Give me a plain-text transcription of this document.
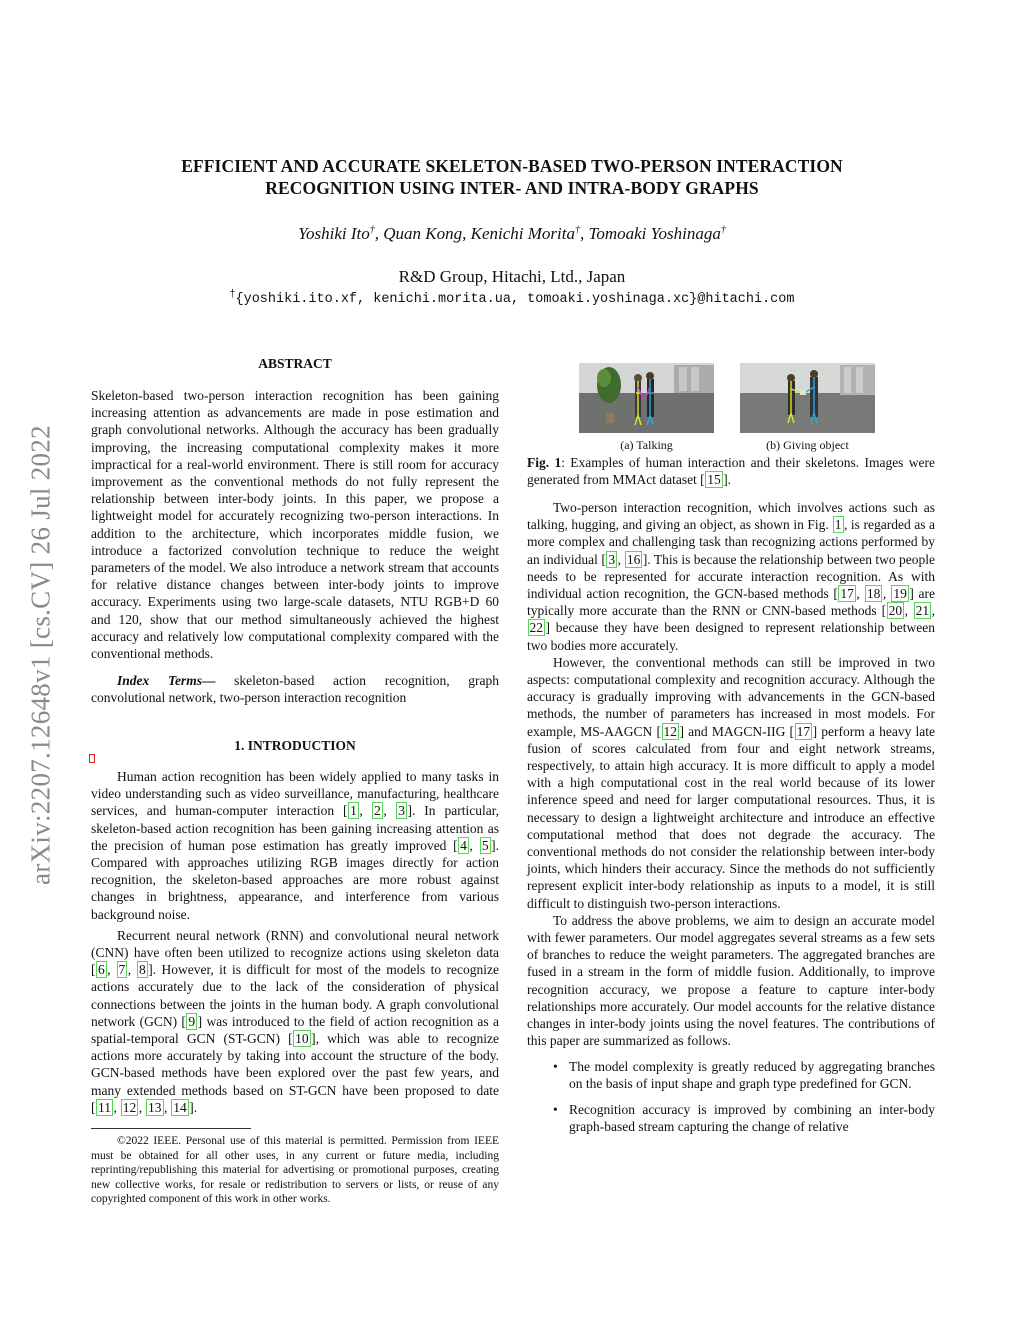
EFFICIENT AND ACCURATE SKELETON-BASED TWO-PERSON INTERACTION
RECOGNITION USING INTER- AND INTRA-BODY GRAPHS
Yoshiki Ito†, Quan Kong, Kenichi Morita†, Tomoaki Yoshinaga†
R&D Group, Hitachi, Ltd., Japan
†{yoshiki.ito.xf, kenichi.morita.ua, tomoaki.yoshinaga.xc}@hitachi.com
arXiv:2207.12648v1 [cs.CV] 26 Jul 2022
ABSTRACT

Skeleton-based two-person interaction recognition has been gaining increasing attention as advancements are made in pose estimation and graph convolutional networks. Although the accuracy has been gradually improving, the increasing computational complexity makes it more impractical for a real-world environment. There is still room for accuracy improvement as the conventional methods do not fully represent the relationship between inter-body joints. In this paper, we propose a lightweight model for accurately recognizing two-person interactions. In addition to the architecture, which incorporates middle fusion, we introduce a factorized convolution technique to reduce the weight parameters of the model. We also introduce a network stream that accounts for relative distance changes between inter-body joints to improve accuracy. Experiments using two large-scale datasets, NTU RGB+D 60 and 120, show that our method simultaneously achieved the highest accuracy and relatively low computational complexity compared with the conventional methods.

Index Terms— skeleton-based action recognition, graph convolutional network, two-person interaction recognition

1. INTRODUCTION

Human action recognition has been widely applied to many tasks in video understanding such as video surveillance, manufacturing, healthcare services, and human-computer interaction [ 1 , 2 , 3 ]. In particular, skeleton-based action recognition has been gaining increasing attention as the precision of human pose estimation has greatly improved [ 4 , 5 ]. Compared with approaches utilizing RGB images directly for action recognition, the skeleton-based approaches are more robust against changes in brightness, appearance, and interference from various background noise.

Recurrent neural network (RNN) and convolutional neural network (CNN) have often been utilized to recognize actions using skeleton data [ 6 , 7 , 8 ]. However, it is difficult for most of the models to recognize actions accurately due to the lack of the consideration of physical connections between the joints in the human body. A graph convolutional network (GCN) [ 9 ] was introduced to the field of action recognition as a spatial-temporal GCN (ST-GCN) [ 10 ], which was able to recognize actions more accurately by taking into account the structure of the body. GCN-based methods have been explored over the past few years, and many extended methods based on ST-GCN have been proposed to date [ 11 , 12 , 13 , 14 ].

©2022 IEEE. Personal use of this material is permitted. Permission from IEEE must be obtained for all other uses, in any current or future media, including reprinting/republishing this material for advertising or promotional purposes, creating new collective works, for resale or redistribution to servers or lists, or reuse of any copyrighted component of this work in other works.

(a) Talking	(b) Giving object

Fig. 1: Examples of human interaction and their skeletons. Images were generated from MMAct dataset [ 15 ].

Two-person interaction recognition, which involves actions such as talking, hugging, and giving an object, as shown in Fig. 1 , is regarded as a more complex and challenging task than recognizing actions performed by an individual [ 3 , 16 ]. This is because the relationship between two people needs to be represented for accurate interaction recognition. As with individual action recognition, the GCN-based methods [ 17 , 18 , 19 ] are typically more accurate than the RNN or CNN-based methods [ 20 , 21 , 22 ] because they have been designed to represent relationship between two bodies more accurately.

However, the conventional methods can still be improved in two aspects: computational complexity and recognition accuracy. Although the accuracy is gradually improving with advancements in the GCN-based methods, the number of parameters has increased in most models. For example, MS-AAGCN [ 12 ] and MAGCN-IIG [ 17 ] perform a heavy late fusion of scores calculated from four and eight network streams, respectively, to attain high accuracy. It is more difficult to apply a model with a high computational cost in the real world because of its lower inference speed and need for larger computational resources. Thus, it is necessary to design a lightweight architecture and introduce an effective computational method that does not degrade the accuracy. The conventional methods do not consider the relationship between inter-body joints, which hinders their accuracy. Since the methods do not sufficiently represent explicit inter-body relationship as inputs to a model, it is still difficult to distinguish two-person interactions.

To address the above problems, we aim to design an accurate model with fewer parameters. Our model aggregates several streams as a few sets of branches to reduce the weight parameters. The aggregated branches are fused in a stream in the form of middle fusion. Additionally, to improve recognition accuracy, we propose a feature to capture inter-body relationships more accurately. Our model accounts for the relative distance changes in inter-body joints using the novel features. The contributions of this paper are summarized as follows.

• The model complexity is greatly reduced by aggregating branches on the basis of input shape and graph type predefined for GCN.

• Recognition accuracy is improved by combining an inter-body graph-based stream capturing the change of relative
